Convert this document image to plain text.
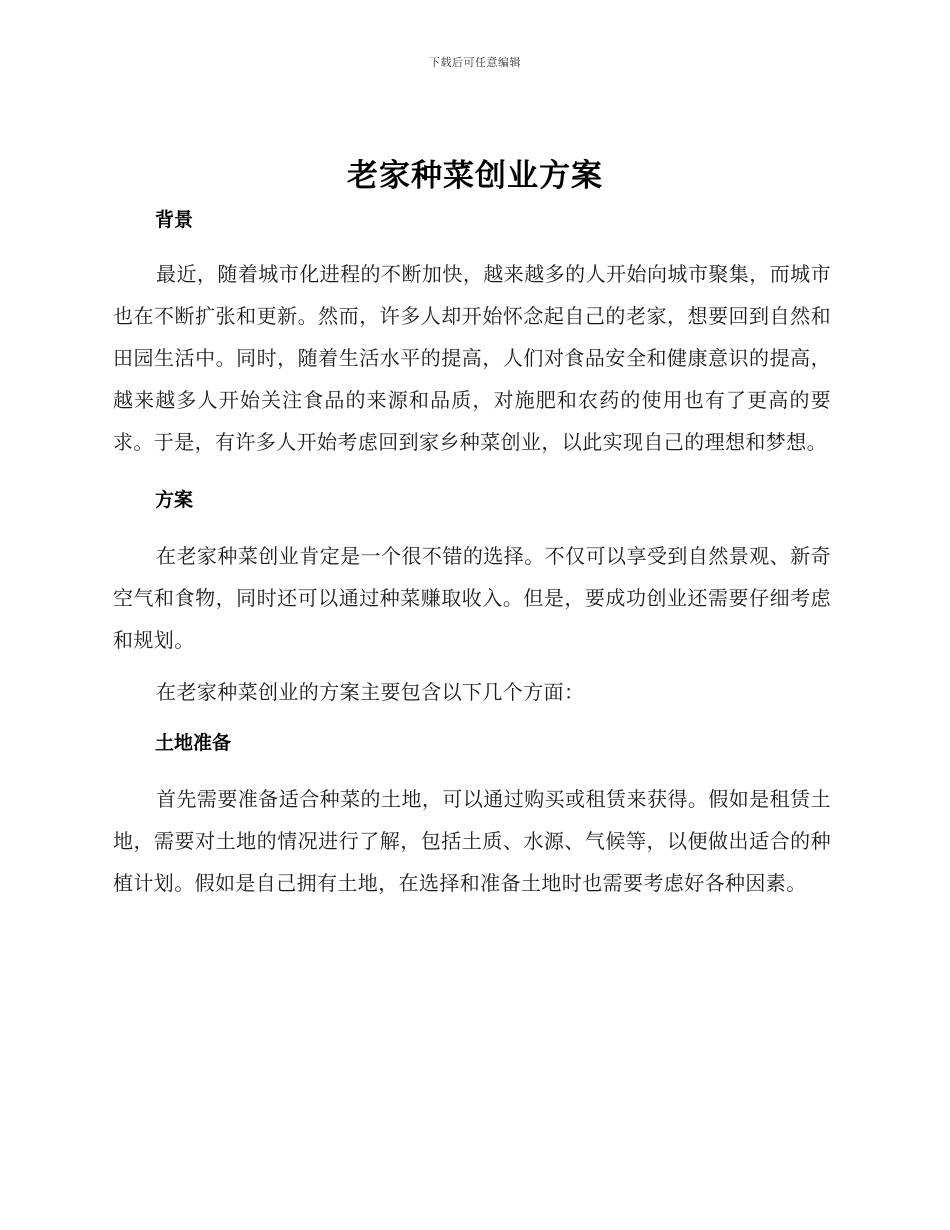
下载后可任意编辑
老家种菜创业方案
背景

最近，随着城市化进程的不断加快，越来越多的人开始向城市聚集，而城市也在不断扩张和更新。然而，许多人却开始怀念起自己的老家，想要回到自然和田园生活中。同时，随着生活水平的提高，人们对食品安全和健康意识的提高，越来越多人开始关注食品的来源和品质，对施肥和农药的使用也有了更高的要求。于是，有许多人开始考虑回到家乡种菜创业，以此实现自己的理想和梦想。

方案

在老家种菜创业肯定是一个很不错的选择。不仅可以享受到自然景观、新奇空气和食物，同时还可以通过种菜赚取收入。但是，要成功创业还需要仔细考虑和规划。

在老家种菜创业的方案主要包含以下几个方面：

土地准备

首先需要准备适合种菜的土地，可以通过购买或租赁来获得。假如是租赁土地，需要对土地的情况进行了解，包括土质、水源、气候等，以便做出适合的种植计划。假如是自己拥有土地，在选择和准备土地时也需要考虑好各种因素。
